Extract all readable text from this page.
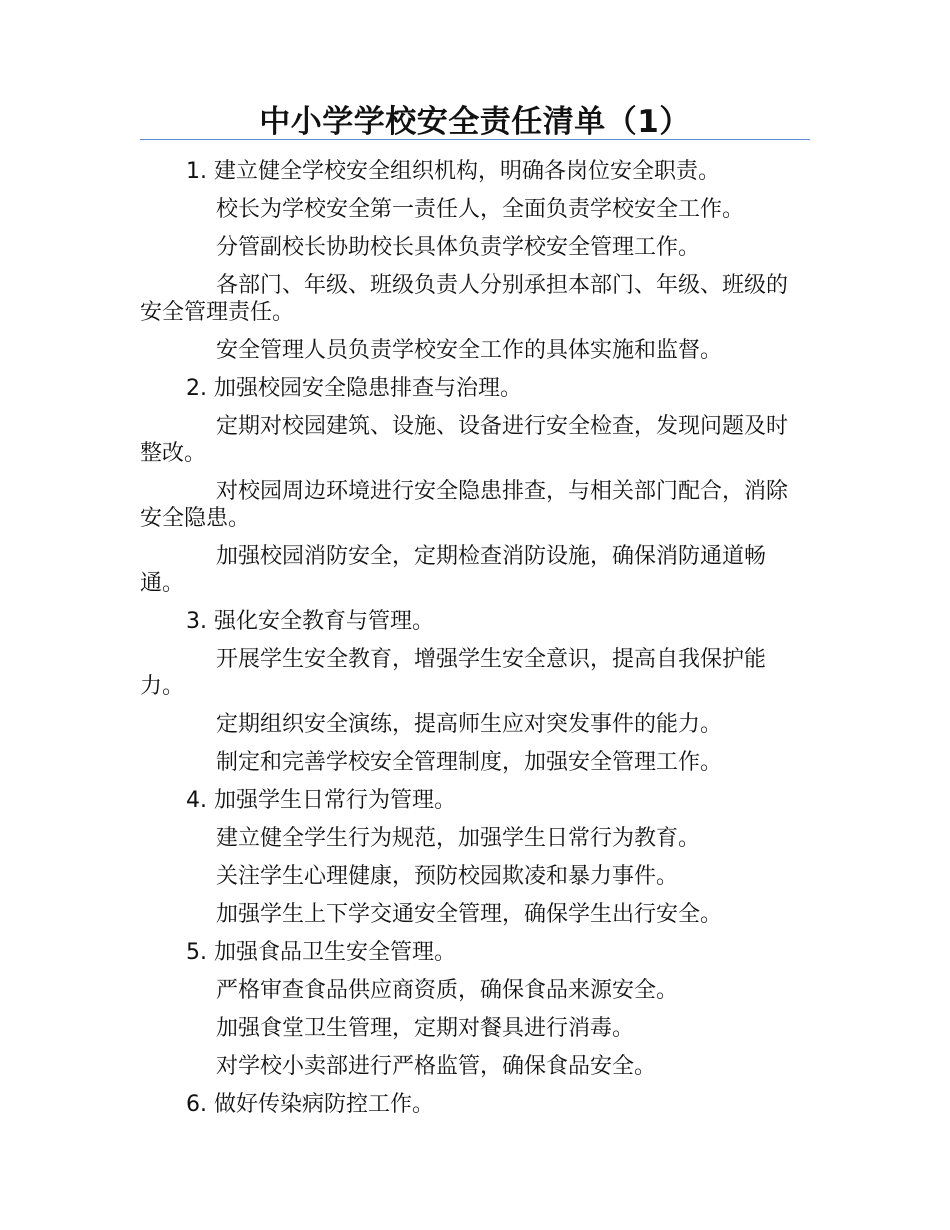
中小学学校安全责任清单（1）

1. 建立健全学校安全组织机构，明确各岗位安全职责。

校长为学校安全第一责任人，全面负责学校安全工作。

分管副校长协助校长具体负责学校安全管理工作。

各部门、年级、班级负责人分别承担本部门、年级、班级的安全管理责任。

安全管理人员负责学校安全工作的具体实施和监督。

2. 加强校园安全隐患排查与治理。

定期对校园建筑、设施、设备进行安全检查，发现问题及时整改。

对校园周边环境进行安全隐患排查，与相关部门配合，消除安全隐患。

加强校园消防安全，定期检查消防设施，确保消防通道畅通。

3. 强化安全教育与管理。

开展学生安全教育，增强学生安全意识，提高自我保护能力。

定期组织安全演练，提高师生应对突发事件的能力。

制定和完善学校安全管理制度，加强安全管理工作。

4. 加强学生日常行为管理。

建立健全学生行为规范，加强学生日常行为教育。

关注学生心理健康，预防校园欺凌和暴力事件。

加强学生上下学交通安全管理，确保学生出行安全。

5. 加强食品卫生安全管理。

严格审查食品供应商资质，确保食品来源安全。

加强食堂卫生管理，定期对餐具进行消毒。

对学校小卖部进行严格监管，确保食品安全。

6. 做好传染病防控工作。
